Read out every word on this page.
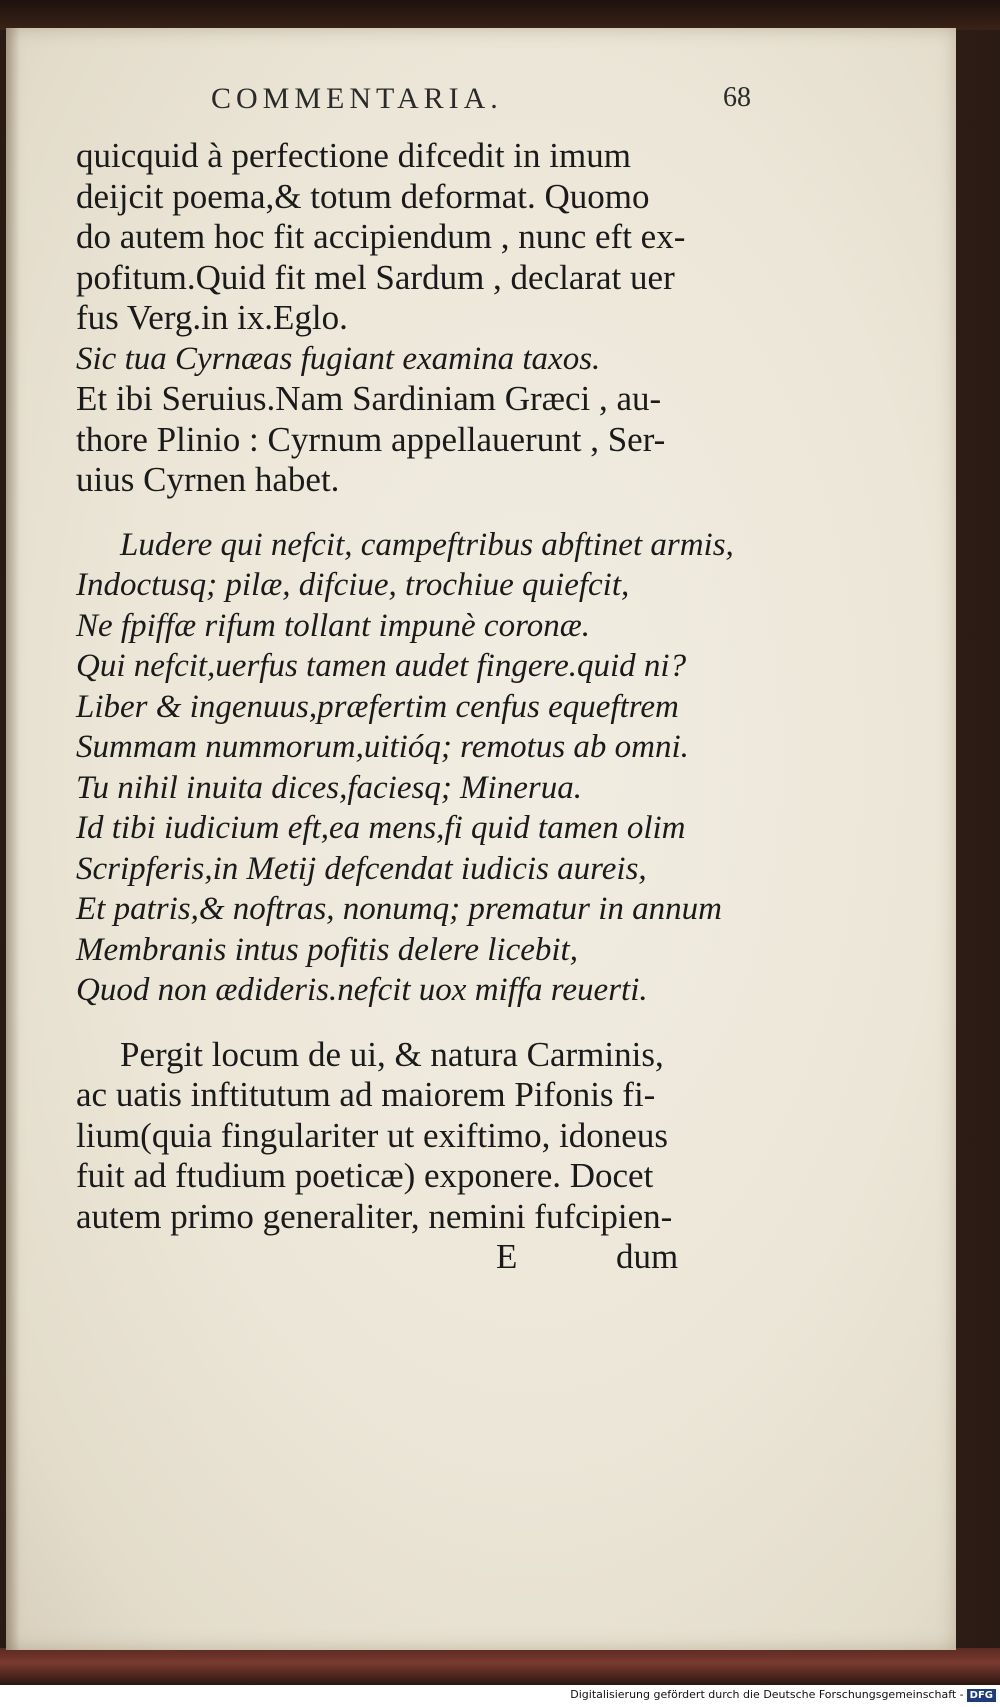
COMMENTARIA.	68
quicquid à perfectione difcedit in imum
deijcit poema,& totum deformat. Quomo
do autem hoc fit accipiendum , nunc eft ex-
pofitum.Quid fit mel Sardum , declarat uer
fus Verg.in ix.Eglo.
Sic tua Cyrnæas fugiant examina taxos.
Et ibi Seruius.Nam Sardiniam Græci , au-
thore Plinio : Cyrnum appellauerunt , Ser-
uius Cyrnen habet.
Ludere qui nefcit, campeftribus abftinet armis,
Indoctusq; pilæ, difciue, trochiue quiefcit,
Ne fpiffæ rifum tollant impunè coronæ.
Qui nefcit,uerfus tamen audet fingere.quid ni?
Liber & ingenuus,præfertim cenfus equeftrem
Summam nummorum,uitióq; remotus ab omni.
Tu nihil inuita dices,faciesq; Minerua.
Id tibi iudicium eft,ea mens,fi quid tamen olim
Scripferis,in Metij defcendat iudicis aureis,
Et patris,& noftras, nonumq; prematur in annum
Membranis intus pofitis delere licebit,
Quod non ædideris.nefcit uox miffa reuerti.
Pergit locum de ui, & natura Carminis,
ac uatis inftitutum ad maiorem Pifonis fi-
lium(quia fingulariter ut exiftimo, idoneus
fuit ad ftudium poeticæ) exponere. Docet
autem primo generaliter, nemini fufcipien-
E	dum
Digitalisierung gefördert durch die Deutsche Forschungsgemeinschaft - DFG
